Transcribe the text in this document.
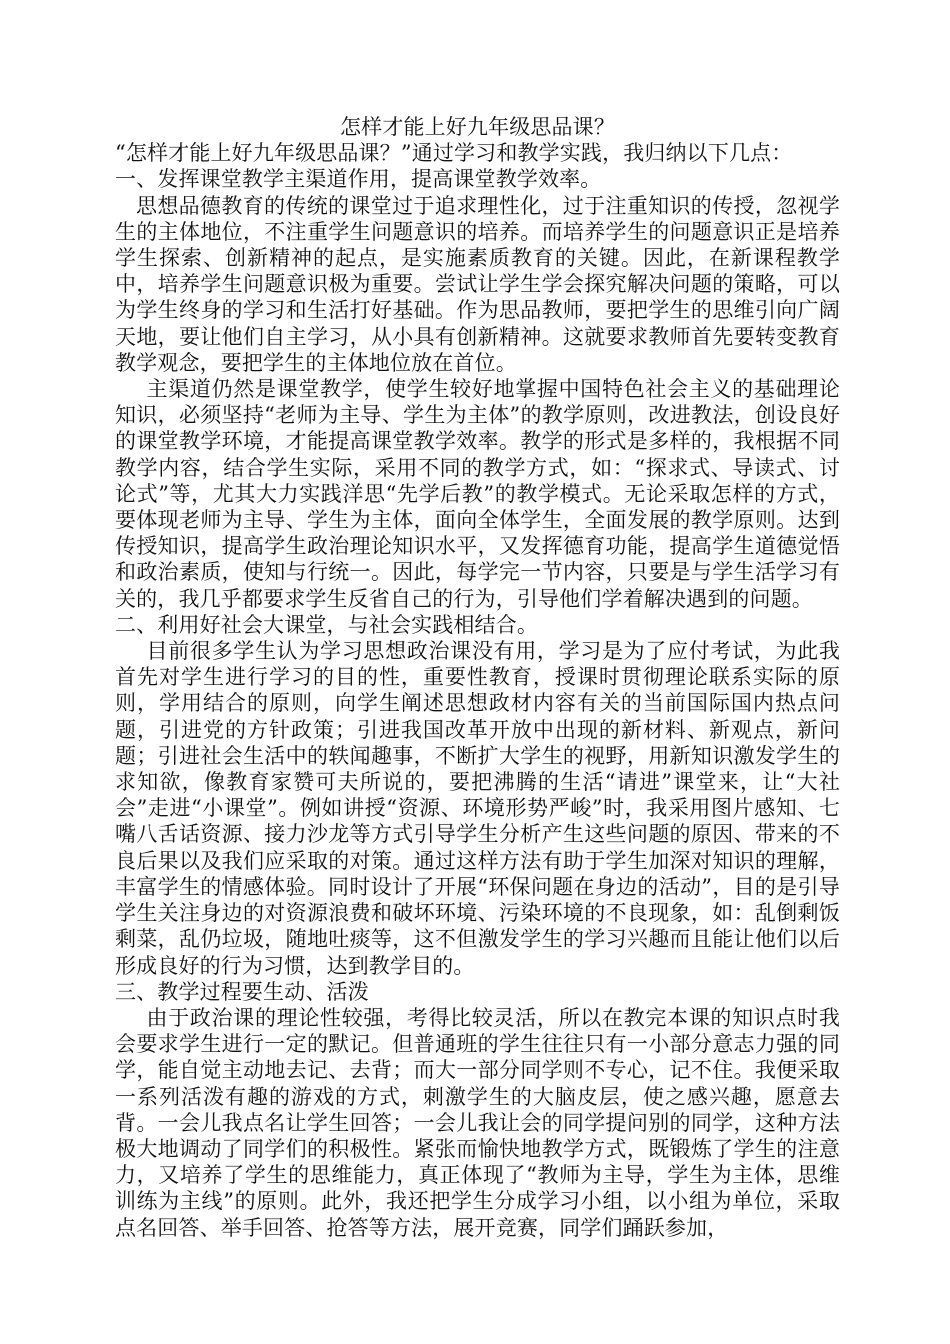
怎样才能上好九年级思品课？

“怎样才能上好九年级思品课？”通过学习和教学实践，我归纳以下几点：

一、发挥课堂教学主渠道作用，提高课堂教学效率。

思想品德教育的传统的课堂过于追求理性化，过于注重知识的传授，忽视学生的主体地位，不注重学生问题意识的培养。而培养学生的问题意识正是培养学生探索、创新精神的起点，是实施素质教育的关键。因此，在新课程教学中，培养学生问题意识极为重要。尝试让学生学会探究解决问题的策略，可以为学生终身的学习和生活打好基础。作为思品教师，要把学生的思维引向广阔天地，要让他们自主学习，从小具有创新精神。这就要求教师首先要转变教育教学观念，要把学生的主体地位放在首位。

主渠道仍然是课堂教学，使学生较好地掌握中国特色社会主义的基础理论知识，必须坚持“老师为主导、学生为主体”的教学原则，改进教法，创设良好的课堂教学环境，才能提高课堂教学效率。教学的形式是多样的，我根据不同教学内容，结合学生实际，采用不同的教学方式，如：“探求式、导读式、讨论式”等，尤其大力实践洋思“先学后教”的教学模式。无论采取怎样的方式，要体现老师为主导、学生为主体，面向全体学生，全面发展的教学原则。达到传授知识，提高学生政治理论知识水平，又发挥德育功能，提高学生道德觉悟和政治素质，使知与行统一。因此，每学完一节内容，只要是与学生活学习有关的，我几乎都要求学生反省自己的行为，引导他们学着解决遇到的问题。

二、利用好社会大课堂，与社会实践相结合。

目前很多学生认为学习思想政治课没有用，学习是为了应付考试，为此我首先对学生进行学习的目的性，重要性教育，授课时贯彻理论联系实际的原则，学用结合的原则，向学生阐述思想政材内容有关的当前国际国内热点问题，引进党的方针政策；引进我国改革开放中出现的新材料、新观点，新问题；引进社会生活中的轶闻趣事，不断扩大学生的视野，用新知识激发学生的求知欲，像教育家赞可夫所说的，要把沸腾的生活“请进”课堂来，让“大社会”走进“小课堂”。例如讲授“资源、环境形势严峻”时，我采用图片感知、七嘴八舌话资源、接力沙龙等方式引导学生分析产生这些问题的原因、带来的不良后果以及我们应采取的对策。通过这样方法有助于学生加深对知识的理解，丰富学生的情感体验。同时设计了开展“环保问题在身边的活动”，目的是引导学生关注身边的对资源浪费和破坏环境、污染环境的不良现象，如：乱倒剩饭剩菜，乱仍垃圾，随地吐痰等，这不但激发学生的学习兴趣而且能让他们以后形成良好的行为习惯，达到教学目的。

三、教学过程要生动、活泼

由于政治课的理论性较强，考得比较灵活，所以在教完本课的知识点时我会要求学生进行一定的默记。但普通班的学生往往只有一小部分意志力强的同学，能自觉主动地去记、去背；而大一部分同学则不专心，记不住。我便采取一系列活泼有趣的游戏的方式，刺激学生的大脑皮层，使之感兴趣，愿意去背。一会儿我点名让学生回答；一会儿我让会的同学提问别的同学，这种方法极大地调动了同学们的积极性。紧张而愉快地教学方式，既锻炼了学生的注意力，又培养了学生的思维能力，真正体现了“教师为主导，学生为主体，思维训练为主线”的原则。此外，我还把学生分成学习小组，以小组为单位，采取点名回答、举手回答、抢答等方法，展开竞赛，同学们踊跃参加，
